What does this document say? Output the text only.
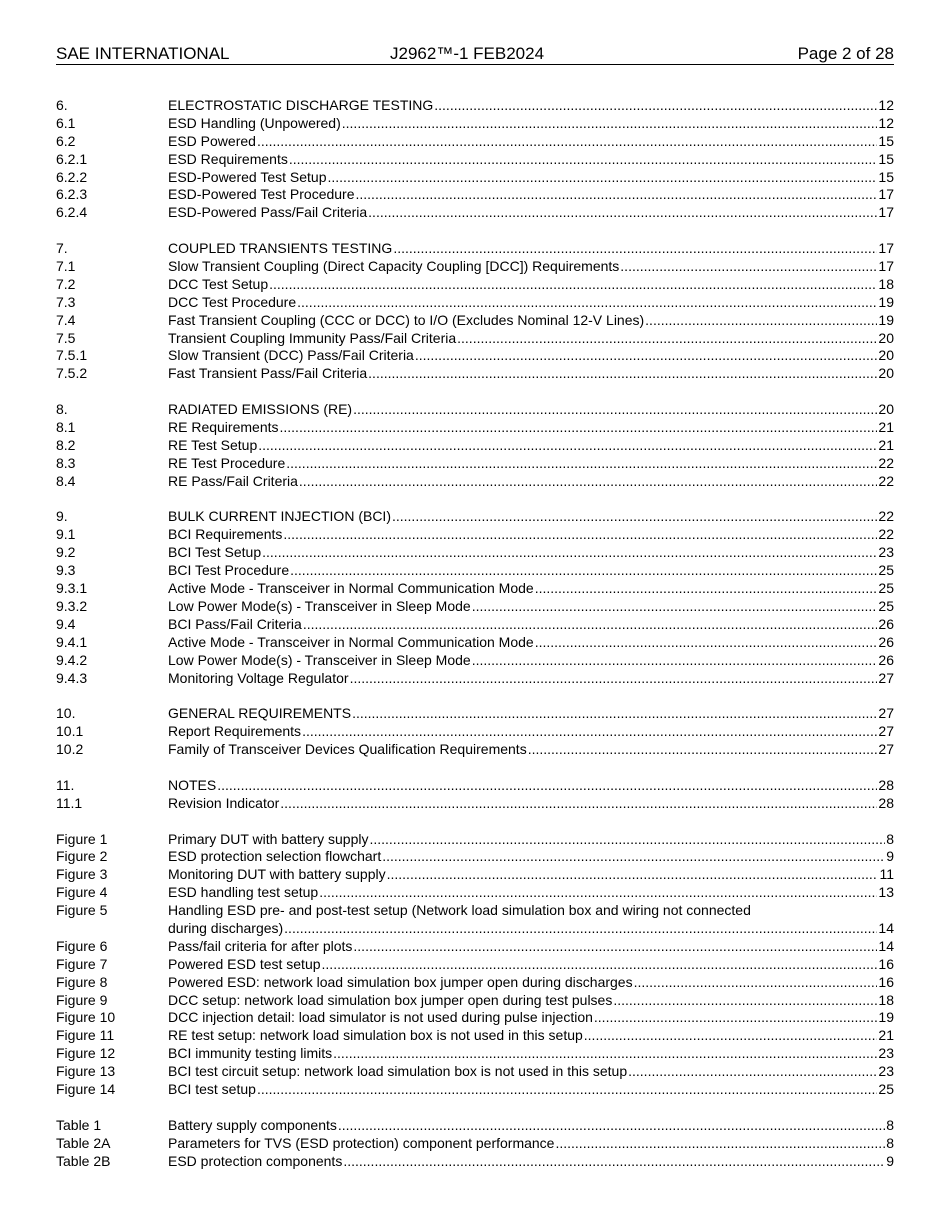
SAE INTERNATIONAL	J2962™-1 FEB2024	Page 2 of 28
6.	ELECTROSTATIC DISCHARGE TESTING .....	12
6.1	ESD Handling (Unpowered) .....	12
6.2	ESD Powered .....	15
6.2.1	ESD Requirements .....	15
6.2.2	ESD-Powered Test Setup .....	15
6.2.3	ESD-Powered Test Procedure .....	17
6.2.4	ESD-Powered Pass/Fail Criteria .....	17
7.	COUPLED TRANSIENTS TESTING .....	17
7.1	Slow Transient Coupling (Direct Capacity Coupling [DCC]) Requirements .....	17
7.2	DCC Test Setup .....	18
7.3	DCC Test Procedure .....	19
7.4	Fast Transient Coupling (CCC or DCC) to I/O (Excludes Nominal 12-V Lines) .....	19
7.5	Transient Coupling Immunity Pass/Fail Criteria .....	20
7.5.1	Slow Transient (DCC) Pass/Fail Criteria .....	20
7.5.2	Fast Transient Pass/Fail Criteria .....	20
8.	RADIATED EMISSIONS (RE) .....	20
8.1	RE Requirements .....	21
8.2	RE Test Setup .....	21
8.3	RE Test Procedure .....	22
8.4	RE Pass/Fail Criteria .....	22
9.	BULK CURRENT INJECTION (BCI) .....	22
9.1	BCI Requirements .....	22
9.2	BCI Test Setup .....	23
9.3	BCI Test Procedure .....	25
9.3.1	Active Mode - Transceiver in Normal Communication Mode .....	25
9.3.2	Low Power Mode(s) - Transceiver in Sleep Mode .....	25
9.4	BCI Pass/Fail Criteria .....	26
9.4.1	Active Mode - Transceiver in Normal Communication Mode .....	26
9.4.2	Low Power Mode(s) - Transceiver in Sleep Mode .....	26
9.4.3	Monitoring Voltage Regulator .....	27
10.	GENERAL REQUIREMENTS .....	27
10.1	Report Requirements .....	27
10.2	Family of Transceiver Devices Qualification Requirements .....	27
11.	NOTES .....	28
11.1	Revision Indicator .....	28
Figure 1	Primary DUT with battery supply .....	8
Figure 2	ESD protection selection flowchart .....	9
Figure 3	Monitoring DUT with battery supply .....	11
Figure 4	ESD handling test setup .....	13
Figure 5	Handling ESD pre- and post-test setup (Network load simulation box and wiring not connected
during discharges) .....	14
Figure 6	Pass/fail criteria for after plots .....	14
Figure 7	Powered ESD test setup .....	16
Figure 8	Powered ESD: network load simulation box jumper open during discharges .....	16
Figure 9	DCC setup: network load simulation box jumper open during test pulses .....	18
Figure 10	DCC injection detail: load simulator is not used during pulse injection .....	19
Figure 11	RE test setup: network load simulation box is not used in this setup .....	21
Figure 12	BCI immunity testing limits .....	23
Figure 13	BCI test circuit setup: network load simulation box is not used in this setup .....	23
Figure 14	BCI test setup .....	25
Table 1	Battery supply components .....	8
Table 2A	Parameters for TVS (ESD protection) component performance .....	8
Table 2B	ESD protection components .....	9
